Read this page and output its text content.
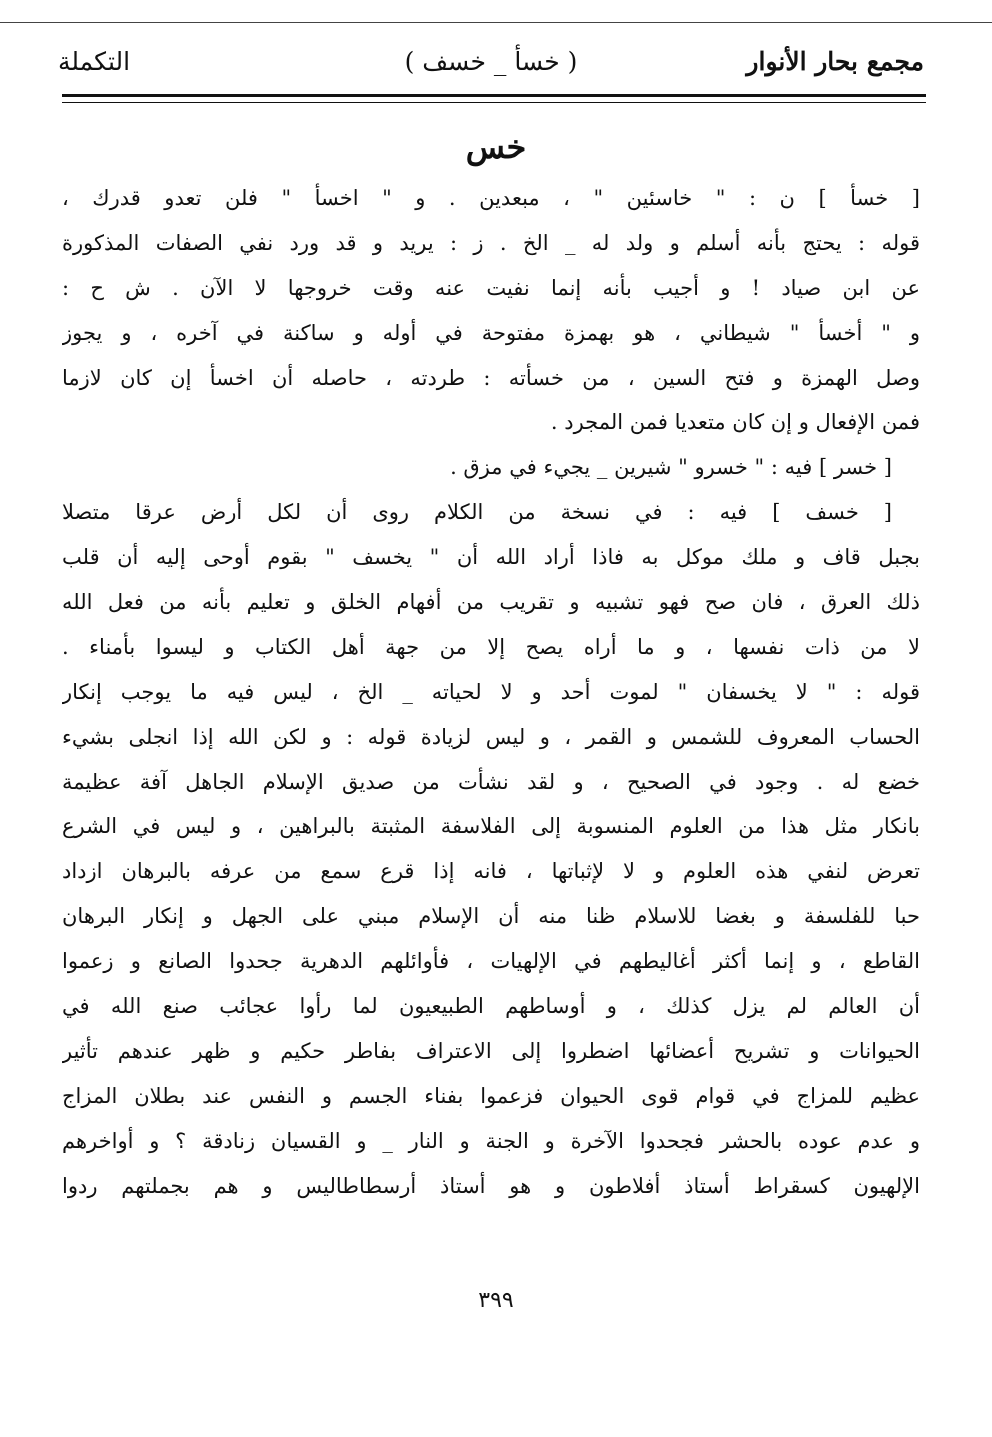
مجمع بحار الأنوار
( خسأ _ خسف )
التكملة
خس
[ خسأ ] ن : " خاسئين " ، مبعدين . و " اخسأ " فلن تعدو قدرك ،
قوله : يحتج بأنه أسلم و ولد له _ الخ . ز : يريد و قد ورد نفي الصفات المذكورة
عن ابن صياد ! و أجيب بأنه إنما نفيت عنه وقت خروجها لا الآن . ش ح :
و " أخسأ " شيطاني ، هو بهمزة مفتوحة في أوله و ساكنة في آخره ، و يجوز
وصل الهمزة و فتح السين ، من خسأته : طردته ، حاصله أن اخسأ إن كان لازما
فمن الإفعال و إن كان متعديا فمن المجرد .
[ خسر ] فيه : " خسرو " شيرين _ يجيء في مزق .
[ خسف ] فيه : في نسخة من الكلام روى أن لكل أرض عرقا متصلا
بجبل قاف و ملك موكل به فاذا أراد الله أن " يخسف " بقوم أوحى إليه أن قلب
ذلك العرق ، فان صح فهو تشبيه و تقريب من أفهام الخلق و تعليم بأنه من فعل الله
لا من ذات نفسها ، و ما أراه يصح إلا من جهة أهل الكتاب و ليسوا بأمناء .
قوله : " لا يخسفان " لموت أحد و لا لحياته _ الخ ، ليس فيه ما يوجب إنكار
الحساب المعروف للشمس و القمر ، و ليس لزيادة قوله : و لكن الله إذا انجلى بشيء
خضع له . وجود في الصحيح ، و لقد نشأت من صديق الإسلام الجاهل آفة عظيمة
بانكار مثل هذا من العلوم المنسوبة إلى الفلاسفة المثبتة بالبراهين ، و ليس في الشرع
تعرض لنفي هذه العلوم و لا لإثباتها ، فانه إذا قرع سمع من عرفه بالبرهان ازداد
حبا للفلسفة و بغضا للاسلام ظنا منه أن الإسلام مبني على الجهل و إنكار البرهان
القاطع ، و إنما أكثر أغاليطهم في الإلهيات ، فأوائلهم الدهرية جحدوا الصانع و زعموا
أن العالم لم يزل كذلك ، و أوساطهم الطبيعيون لما رأوا عجائب صنع الله في
الحيوانات و تشريح أعضائها اضطروا إلى الاعتراف بفاطر حكيم و ظهر عندهم تأثير
عظيم للمزاج في قوام قوى الحيوان فزعموا بفناء الجسم و النفس عند بطلان المزاج
و عدم عوده بالحشر فجحدوا الآخرة و الجنة و النار _ و القسيان زنادقة ؟ و أواخرهم
الإلهيون كسقراط أستاذ أفلاطون و هو أستاذ أرسطاطاليس و هم بجملتهم ردوا
٣٩٩
